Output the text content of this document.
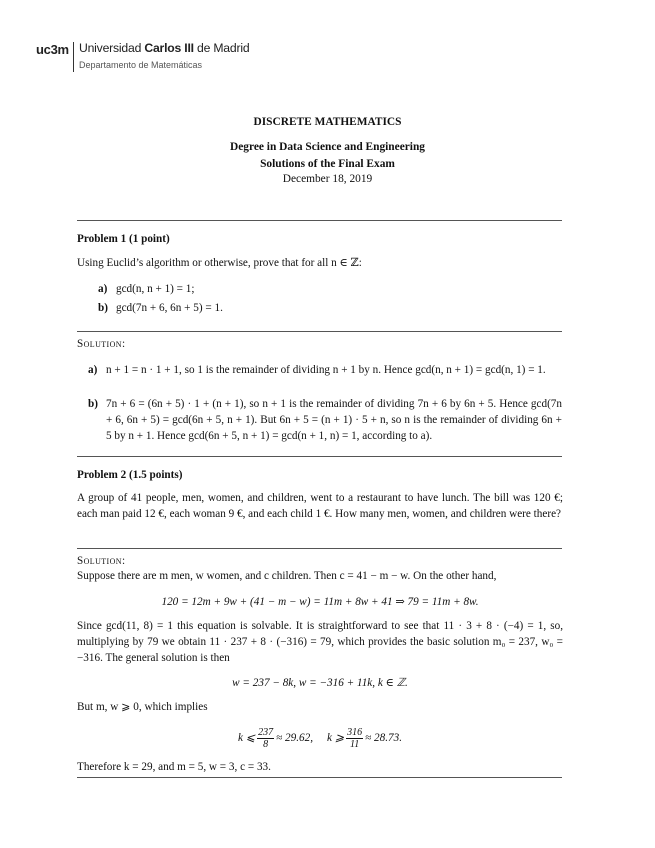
uc3m Universidad Carlos III de Madrid
Departamento de Matemáticas
DISCRETE MATHEMATICS
Degree in Data Science and Engineering
Solutions of the Final Exam
December 18, 2019
Problem 1 (1 point)
Using Euclid’s algorithm or otherwise, prove that for all n ∈ ℤ:
a) gcd(n, n + 1) = 1;
b) gcd(7n + 6, 6n + 5) = 1.
Solution:
a) n + 1 = n · 1 + 1, so 1 is the remainder of dividing n + 1 by n. Hence gcd(n, n + 1) = gcd(n, 1) = 1.
b) 7n + 6 = (6n + 5) · 1 + (n + 1), so n + 1 is the remainder of dividing 7n + 6 by 6n + 5. Hence gcd(7n + 6, 6n + 5) = gcd(6n + 5, n + 1). But 6n + 5 = (n + 1) · 5 + n, so n is the remainder of dividing 6n + 5 by n + 1. Hence gcd(6n + 5, n + 1) = gcd(n + 1, n) = 1, according to a).
Problem 2 (1.5 points)
A group of 41 people, men, women, and children, went to a restaurant to have lunch. The bill was 120 €; each man paid 12 €, each woman 9 €, and each child 1 €. How many men, women, and children were there?
Solution:
Suppose there are m men, w women, and c children. Then c = 41 − m − w. On the other hand,
120 = 12m + 9w + (41 − m − w) = 11m + 8w + 41 ⇒ 79 = 11m + 8w.
Since gcd(11, 8) = 1 this equation is solvable. It is straightforward to see that 11 · 3 + 8 · (−4) = 1, so, multiplying by 79 we obtain 11 · 237 + 8 · (−316) = 79, which provides the basic solution m₀ = 237, w₀ = −316. The general solution is then
w = 237 − 8k, w = −316 + 11k, k ∈ ℤ.
But m, w ⩾ 0, which implies
k ⩽ $\frac{237}{8} \approx 29.62$,     k ⩾ $\frac{316}{11} \approx 28.73$.
Therefore k = 29, and m = 5, w = 3, c = 33.
